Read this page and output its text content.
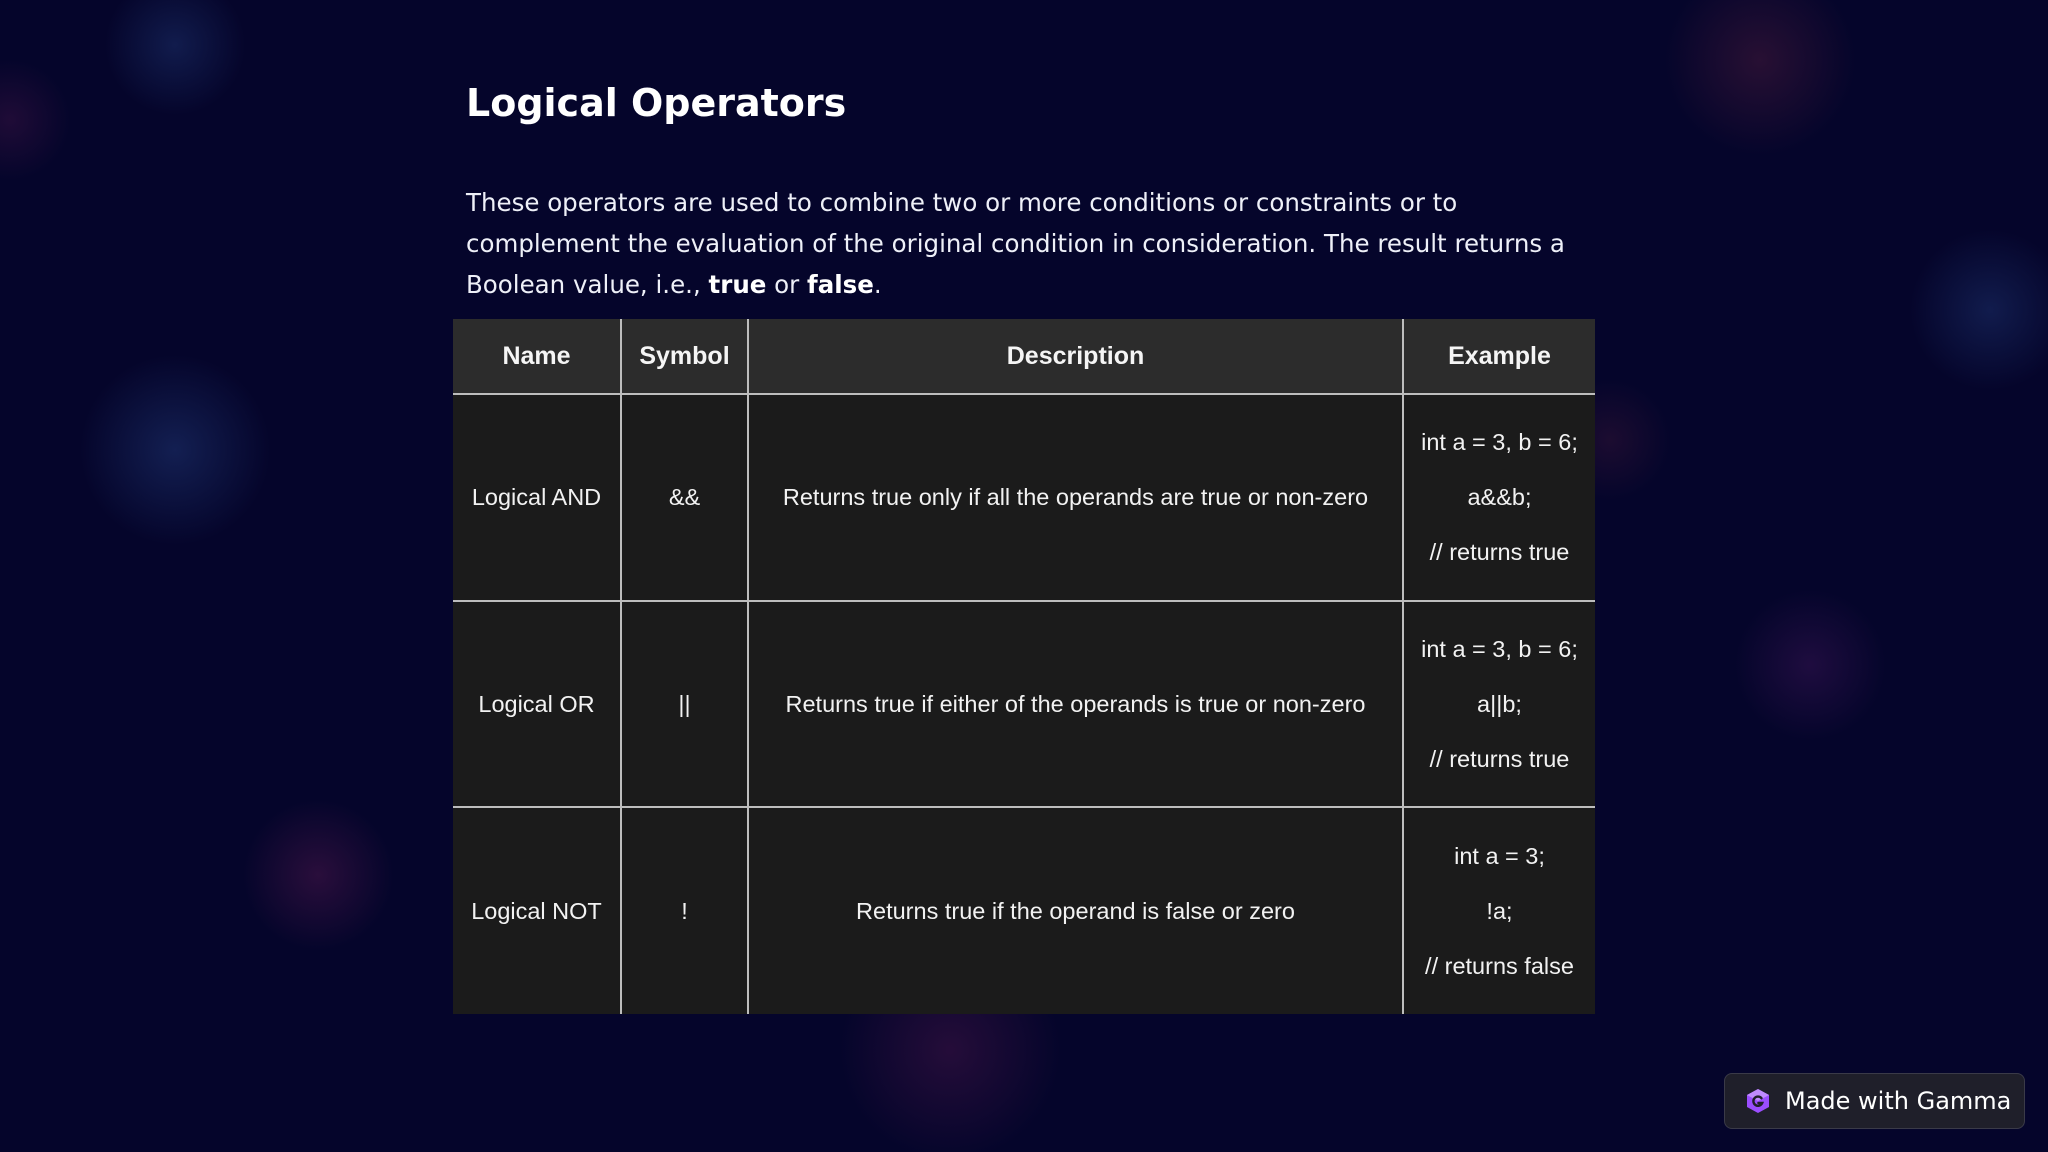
Logical Operators

These operators are used to combine two or more conditions or constraints or to complement the evaluation of the original condition in consideration. The result returns a Boolean value, i.e., true or false.

Name	Symbol	Description	Example
Logical AND	&&	Returns true only if all the operands are true or non-zero	int a = 3, b = 6;
a&&b;
// returns true

Logical OR	||	Returns true if either of the operands is true or non-zero	int a = 3, b = 6;
a||b;
// returns true

Logical NOT	!	Returns true if the operand is false or zero	int a = 3;
!a;
// returns false
Made with Gamma
